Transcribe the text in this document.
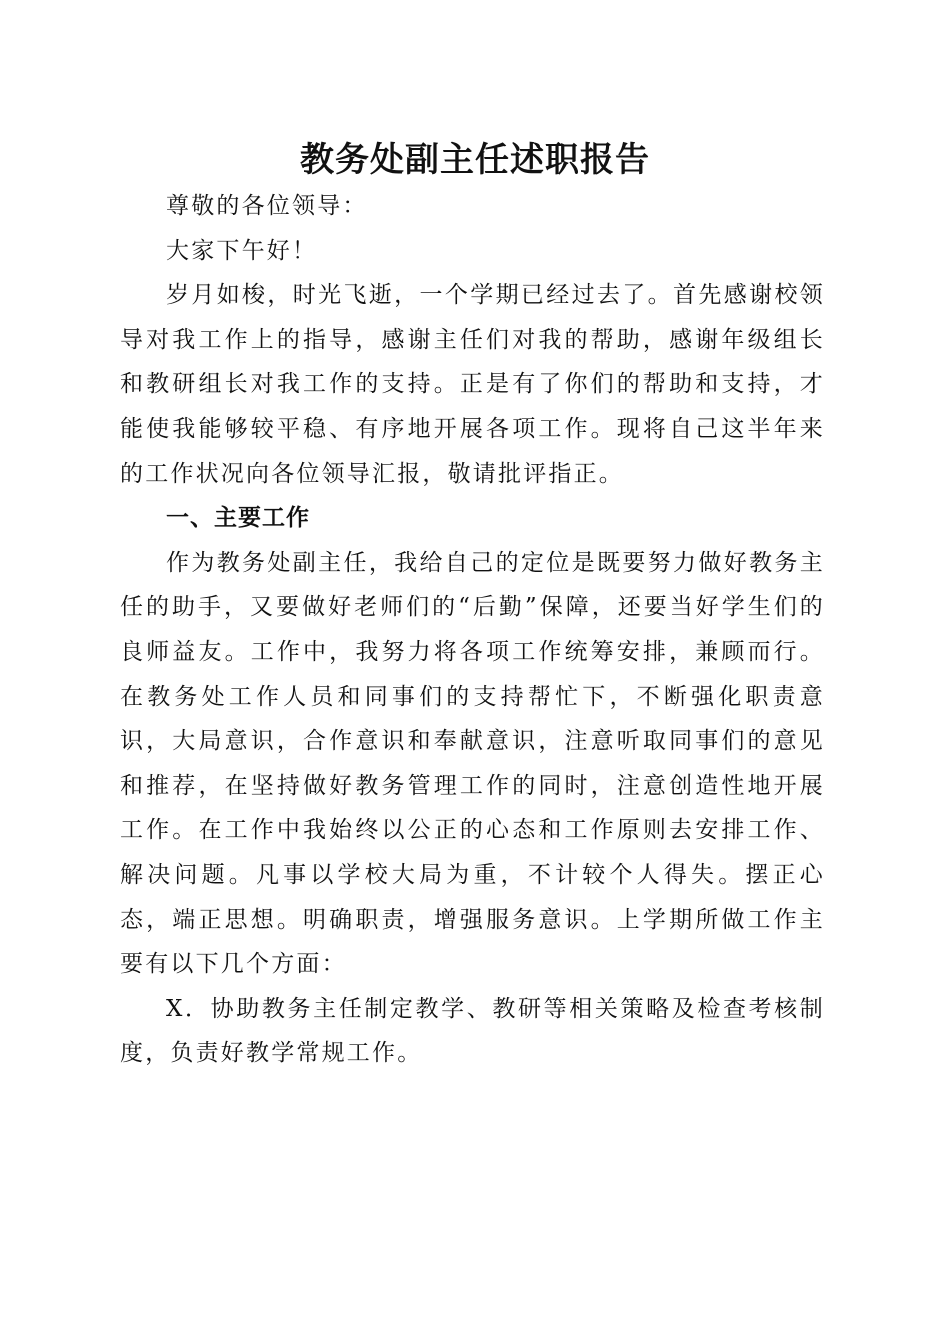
教务处副主任述职报告

尊敬的各位领导：

大家下午好！

岁月如梭，时光飞逝，一个学期已经过去了。首先感谢校领导对我工作上的指导，感谢主任们对我的帮助，感谢年级组长和教研组长对我工作的支持。正是有了你们的帮助和支持，才能使我能够较平稳、有序地开展各项工作。现将自己这半年来的工作状况向各位领导汇报，敬请批评指正。

一、主要工作

作为教务处副主任，我给自己的定位是既要努力做好教务主任的助手，又要做好老师们的“后勤”保障，还要当好学生们的良师益友。工作中，我努力将各项工作统筹安排，兼顾而行。在教务处工作人员和同事们的支持帮忙下，不断强化职责意识，大局意识，合作意识和奉献意识，注意听取同事们的意见和推荐，在坚持做好教务管理工作的同时，注意创造性地开展工作。在工作中我始终以公正的心态和工作原则去安排工作、解决问题。凡事以学校大局为重，不计较个人得失。摆正心态，端正思想。明确职责，增强服务意识。上学期所做工作主要有以下几个方面：

X．协助教务主任制定教学、教研等相关策略及检查考核制度，负责好教学常规工作。
